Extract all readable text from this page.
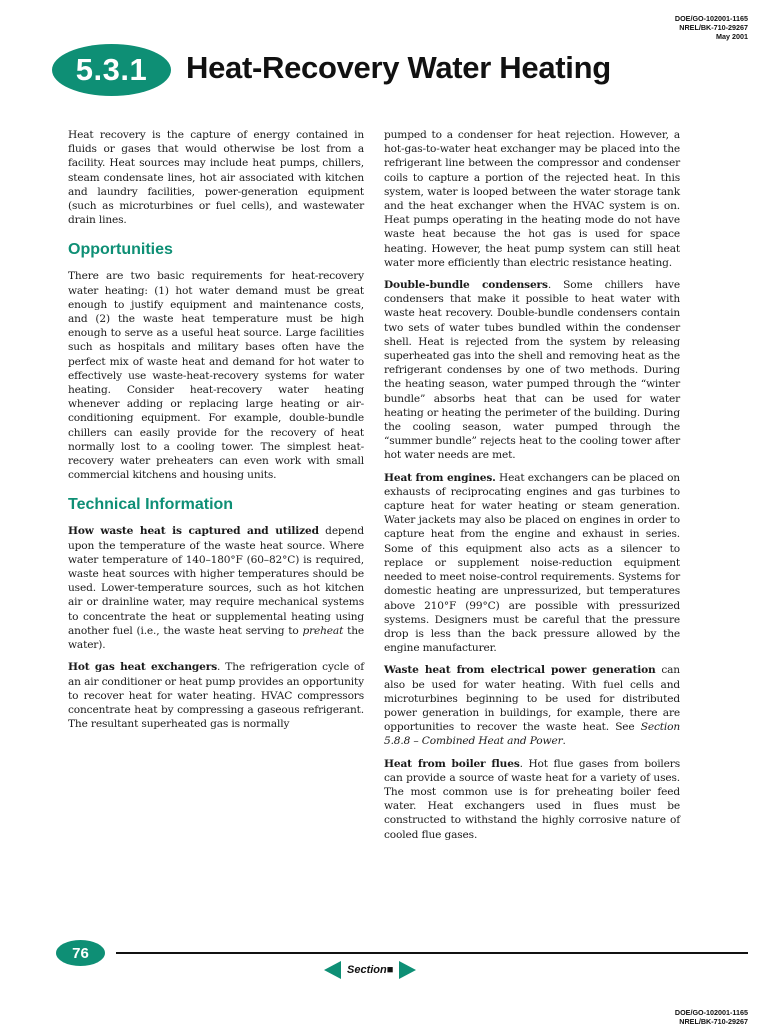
DOE/GO-102001-1165
NREL/BK-710-29267
May 2001
5.3.1	Heat-Recovery Water Heating

Heat recovery is the capture of energy contained in fluids or gases that would otherwise be lost from a facility. Heat sources may include heat pumps, chillers, steam condensate lines, hot air associated with kitchen and laundry facilities, power-generation equipment (such as microturbines or fuel cells), and wastewater drain lines.

Opportunities

There are two basic requirements for heat-recovery water heating: (1) hot water demand must be great enough to justify equipment and maintenance costs, and (2) the waste heat temperature must be high enough to serve as a useful heat source. Large facilities such as hospitals and military bases often have the perfect mix of waste heat and demand for hot water to effectively use waste-heat-recovery systems for water heating. Consider heat-recovery water heating whenever adding or replacing large heating or air-conditioning equipment. For example, double-bundle chillers can easily provide for the recovery of heat normally lost to a cooling tower. The simplest heat-recovery water preheaters can even work with small commercial kitchens and housing units.

Technical Information

How waste heat is captured and utilized depend upon the temperature of the waste heat source. Where water temperature of 140–180°F (60–82°C) is required, waste heat sources with higher temperatures should be used. Lower-temperature sources, such as hot kitchen air or drainline water, may require mechanical systems to concentrate the heat or supplemental heating using another fuel (i.e., the waste heat serving to preheat the water).

Hot gas heat exchangers. The refrigeration cycle of an air conditioner or heat pump provides an opportunity to recover heat for water heating. HVAC compressors concentrate heat by compressing a gaseous refrigerant. The resultant superheated gas is normally

pumped to a condenser for heat rejection. However, a hot-gas-to-water heat exchanger may be placed into the refrigerant line between the compressor and condenser coils to capture a portion of the rejected heat. In this system, water is looped between the water storage tank and the heat exchanger when the HVAC system is on. Heat pumps operating in the heating mode do not have waste heat because the hot gas is used for space heating. However, the heat pump system can still heat water more efficiently than electric resistance heating.

Double-bundle condensers. Some chillers have condensers that make it possible to heat water with waste heat recovery. Double-bundle condensers contain two sets of water tubes bundled within the condenser shell. Heat is rejected from the system by releasing superheated gas into the shell and removing heat as the refrigerant condenses by one of two methods. During the heating season, water pumped through the “winter bundle” absorbs heat that can be used for water heating or heating the perimeter of the building. During the cooling season, water pumped through the “summer bundle” rejects heat to the cooling tower after hot water needs are met.

Heat from engines. Heat exchangers can be placed on exhausts of reciprocating engines and gas turbines to capture heat for water heating or steam generation. Water jackets may also be placed on engines in order to capture heat from the engine and exhaust in series. Some of this equipment also acts as a silencer to replace or supplement noise-reduction equipment needed to meet noise-control requirements. Systems for domestic heating are unpressurized, but temperatures above 210°F (99°C) are possible with pressurized systems. Designers must be careful that the pressure drop is less than the back pressure allowed by the engine manufacturer.

Waste heat from electrical power generation can also be used for water heating. With fuel cells and microturbines beginning to be used for distributed power generation in buildings, for example, there are opportunities to recover the waste heat. See Section 5.8.8 – Combined Heat and Power.

Heat from boiler flues. Hot flue gases from boilers can provide a source of waste heat for a variety of uses. The most common use is for preheating boiler feed water. Heat exchangers used in flues must be constructed to withstand the highly corrosive nature of cooled flue gases.

76
Section■
DOE/GO-102001-1165
NREL/BK-710-29267
